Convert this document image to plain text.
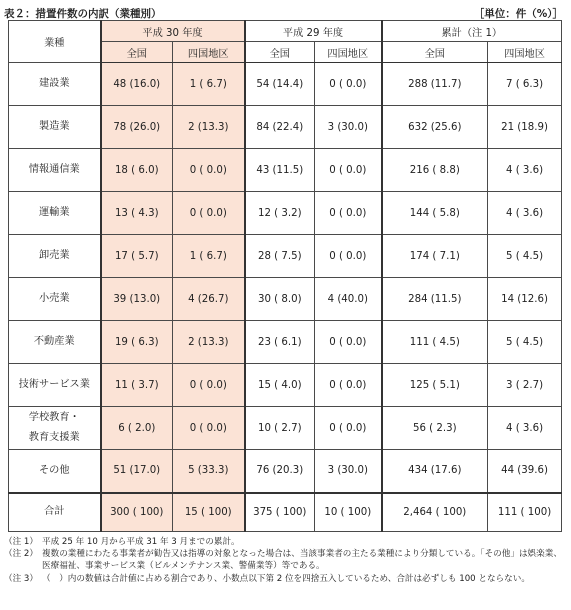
表２：措置件数の内訳（業種別）	［単位：件（%）］
業種	平成 30 年度		平成 29 年度		累計（注 1）	
	全国	四国地区	全国	四国地区	全国	四国地区
建設業	48 (16.0)	1 ( 6.7)	54 (14.4)	0 ( 0.0)	288 (11.7)	7 ( 6.3)
製造業	78 (26.0)	2 (13.3)	84 (22.4)	3 (30.0)	632 (25.6)	21 (18.9)
情報通信業	18 ( 6.0)	0 ( 0.0)	43 (11.5)	0 ( 0.0)	216 ( 8.8)	4 ( 3.6)
運輸業	13 ( 4.3)	0 ( 0.0)	12 ( 3.2)	0 ( 0.0)	144 ( 5.8)	4 ( 3.6)
卸売業	17 ( 5.7)	1 ( 6.7)	28 ( 7.5)	0 ( 0.0)	174 ( 7.1)	5 ( 4.5)
小売業	39 (13.0)	4 (26.7)	30 ( 8.0)	4 (40.0)	284 (11.5)	14 (12.6)
不動産業	19 ( 6.3)	2 (13.3)	23 ( 6.1)	0 ( 0.0)	111 ( 4.5)	5 ( 4.5)
技術サービス業	11 ( 3.7)	0 ( 0.0)	15 ( 4.0)	0 ( 0.0)	125 ( 5.1)	3 ( 2.7)
学校教育・
教育支援業	6 ( 2.0)	0 ( 0.0)	10 ( 2.7)	0 ( 0.0)	56 ( 2.3)	4 ( 3.6)
その他	51 (17.0)	5 (33.3)	76 (20.3)	3 (30.0)	434 (17.6)	44 (39.6)
合計	300 ( 100)	15 ( 100)	375 ( 100)	10 ( 100)	2,464 ( 100)	111 ( 100)
（注 1） 平成 25 年 10 月から平成 31 年 3 月までの累計。
（注 2） 複数の業種にわたる事業者が勧告又は指導の対象となった場合は、当該事業者の主たる業種により分類している。「その他」は娯楽業、医療福祉、事業サービス業（ビルメンテナンス業、警備業等）等である。
（注 3） （　）内の数値は合計値に占める割合であり、小数点以下第 2 位を四捨五入しているため、合計は必ずしも 100 とならない。
